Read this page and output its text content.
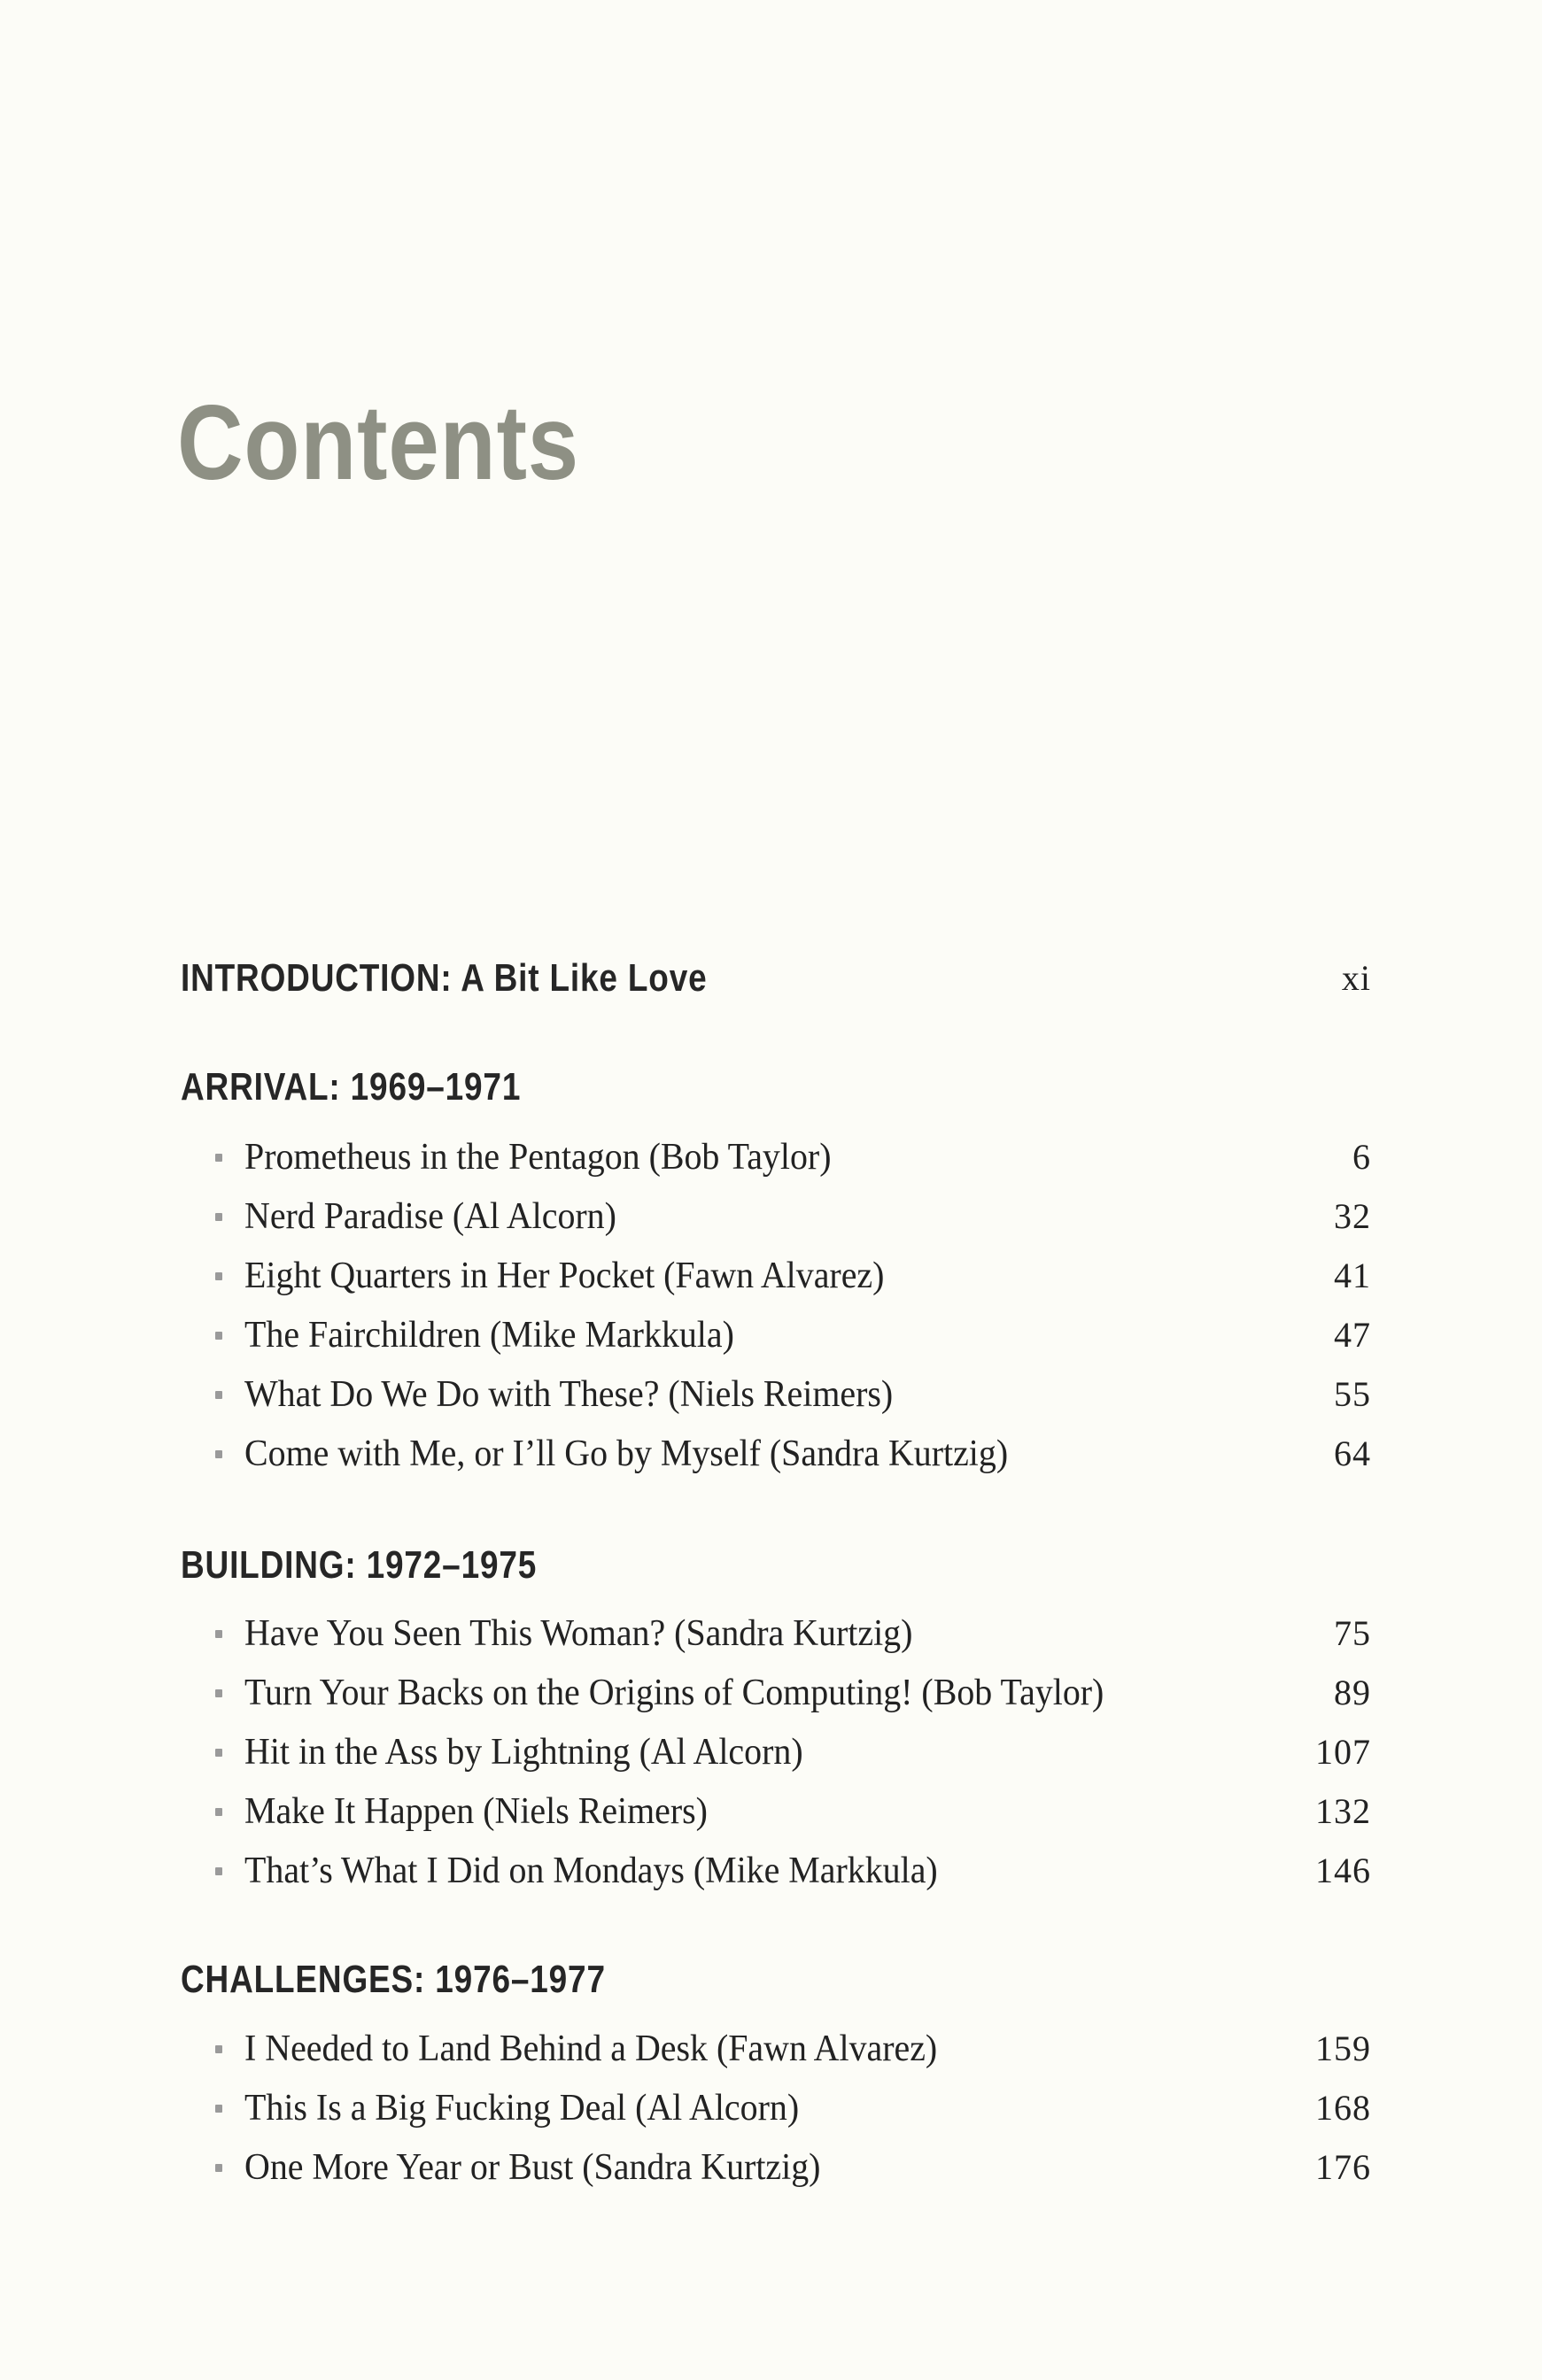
Contents
INTRODUCTION: A Bit Like Love	xi
ARRIVAL: 1969–1971
Prometheus in the Pentagon (Bob Taylor)	6
Nerd Paradise (Al Alcorn)	32
Eight Quarters in Her Pocket (Fawn Alvarez)	41
The Fairchildren (Mike Markkula)	47
What Do We Do with These? (Niels Reimers)	55
Come with Me, or I’ll Go by Myself (Sandra Kurtzig)	64
BUILDING: 1972–1975
Have You Seen This Woman? (Sandra Kurtzig)	75
Turn Your Backs on the Origins of Computing! (Bob Taylor)	89
Hit in the Ass by Lightning (Al Alcorn)	107
Make It Happen (Niels Reimers)	132
That’s What I Did on Mondays (Mike Markkula)	146
CHALLENGES: 1976–1977
I Needed to Land Behind a Desk (Fawn Alvarez)	159
This Is a Big Fucking Deal (Al Alcorn)	168
One More Year or Bust (Sandra Kurtzig)	176
